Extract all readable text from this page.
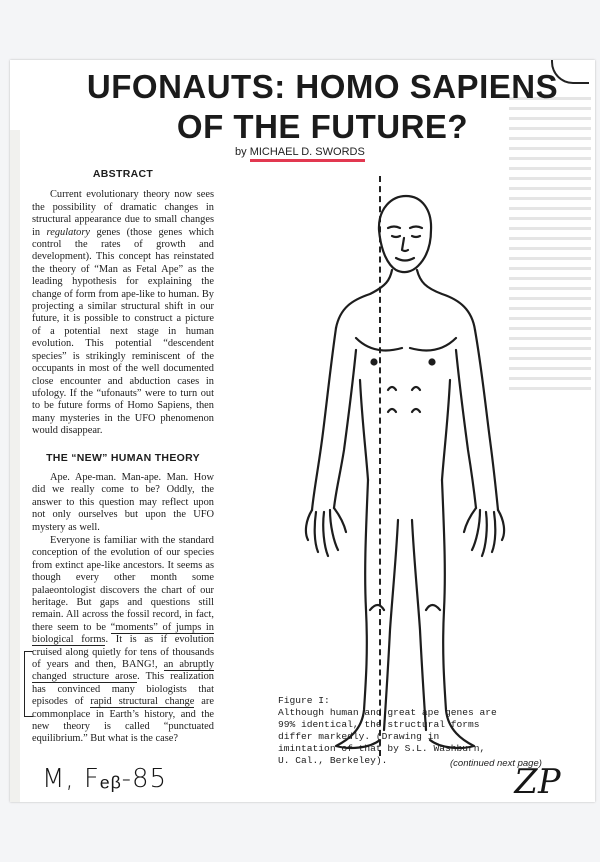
UFONAUTS: HOMO SAPIENS
OF THE FUTURE?
by MICHAEL D. SWORDS
ABSTRACT

Current evolutionary theory now sees the possibility of dramatic changes in structural appearance due to small changes in regulatory genes (those genes which control the rates of growth and development). This concept has reinstated the theory of “Man as Fetal Ape” as the leading hypothesis for explaining the change of form from ape-like to human. By projecting a similar structural shift in our future, it is possible to construct a picture of a potential next stage in human evolution. This potential “descendent species” is strikingly reminiscent of the occupants in most of the well documented close encounter and abduction cases in ufology. If the “ufonauts” were to turn out to be future forms of Homo Sapiens, then many mysteries in the UFO phenomenon would disappear.

THE “NEW” HUMAN THEORY

Ape. Ape-man. Man-ape. Man. How did we really come to be? Oddly, the answer to this question may reflect upon not only ourselves but upon the UFO mystery as well.

Everyone is familiar with the standard conception of the evolution of our species from extinct ape-like ancestors. It seems as though every other month some palaeontologist discovers the chart of our heritage. But gaps and questions still remain. All across the fossil record, in fact, there seem to be “moments” of jumps in biological forms. It is as if evolution cruised along quietly for tens of thousands of years and then, BANG!, an abruptly changed structure arose. This realization has convinced many biologists that episodes of rapid structural change are commonplace in Earth’s history, and the new theory is called “punctuated equilibrium.” But what is the case?

Figure I:
Although human and great ape genes are
99% identical, the structural forms
differ markedly. (Drawing in
imintation of that by S.L. Washburn,
U. Cal., Berkeley).	(continued next page)
M, Fₑᵦ-85	ZP
